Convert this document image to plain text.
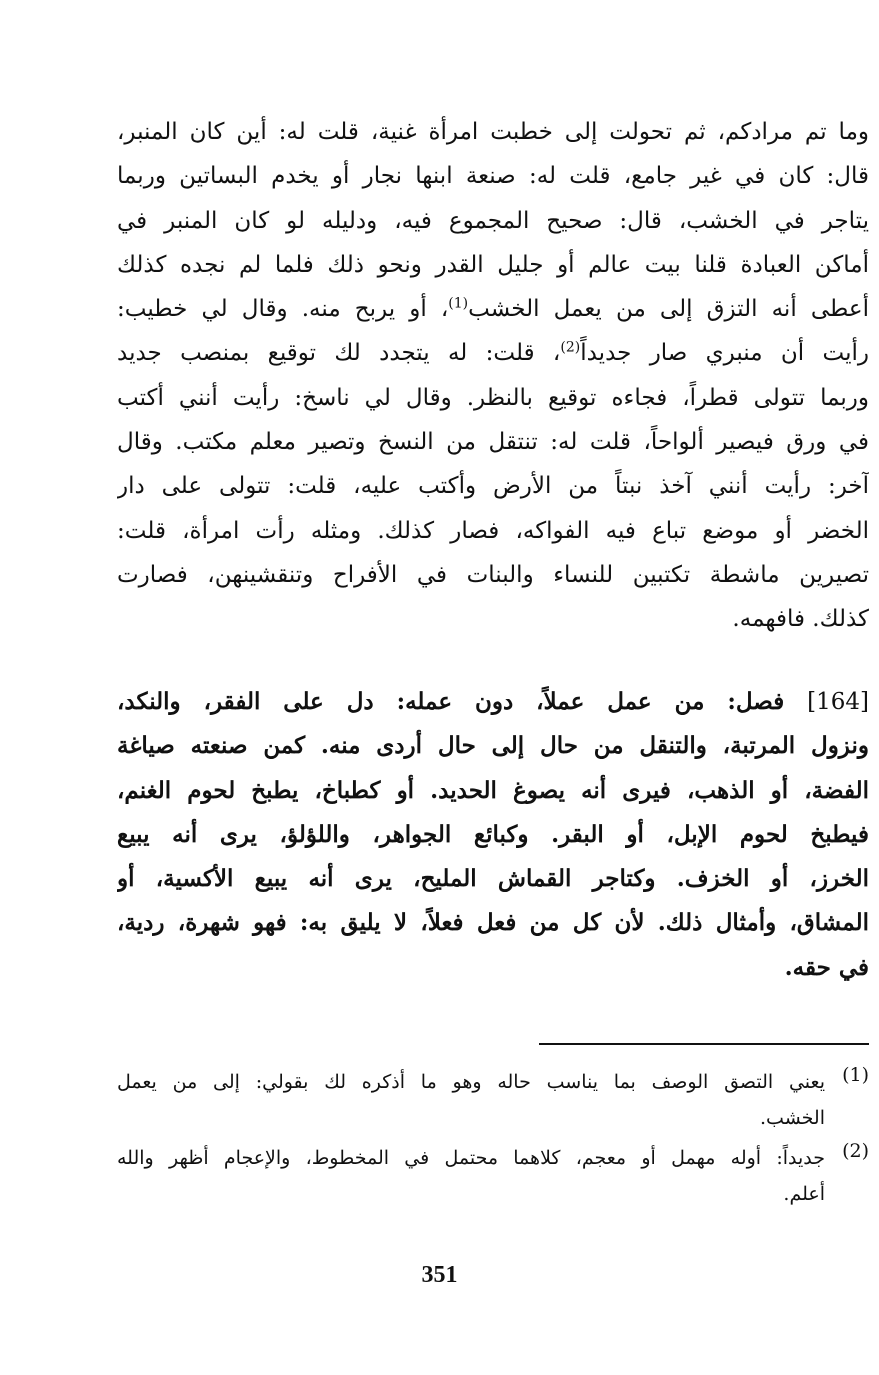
وما تم مرادكم، ثم تحولت إلى خطبت امرأة غنية، قلت له: أين كان المنبر،
قال: كان في غير جامع، قلت له: صنعة ابنها نجار أو يخدم البساتين وربما
يتاجر في الخشب، قال: صحيح المجموع فيه، ودليله لو كان المنبر في
أماكن العبادة قلنا بيت عالم أو جليل القدر ونحو ذلك فلما لم نجده كذلك
أعطى أنه التزق إلى من يعمل الخشب$^{(1)}$، أو يربح منه. وقال لي خطيب:
رأيت أن منبري صار جديداً$^{(2)}$، قلت: له يتجدد لك توقيع بمنصب جديد
وربما تتولى قطراً، فجاءه توقيع بالنظر. وقال لي ناسخ: رأيت أنني أكتب
في ورق فيصير ألواحاً، قلت له: تنتقل من النسخ وتصير معلم مكتب. وقال
آخر: رأيت أنني آخذ نبتاً من الأرض وأكتب عليه، قلت: تتولى على دار
الخضر أو موضع تباع فيه الفواكه، فصار كذلك. ومثله رأت امرأة، قلت:
تصيرين ماشطة تكتبين للنساء والبنات في الأفراح وتنقشينهن، فصارت
كذلك. فافهمه.
[164] فصل: من عمل عملاً، دون عمله: دل على الفقر، والنكد،
ونزول المرتبة، والتنقل من حال إلى حال أردى منه. كمن صنعته صياغة
الفضة، أو الذهب، فيرى أنه يصوغ الحديد. أو كطباخ، يطبخ لحوم الغنم،
فيطبخ لحوم الإبل، أو البقر. وكبائع الجواهر، واللؤلؤ، يرى أنه يبيع
الخرز، أو الخزف. وكتاجر القماش المليح، يرى أنه يبيع الأكسية، أو
المشاق، وأمثال ذلك. لأن كل من فعل فعلاً، لا يليق به: فهو شهرة، ردية،
في حقه.
(1)
يعني التصق الوصف بما يناسب حاله وهو ما أذكره لك بقولي: إلى من يعمل
الخشب.
(2)
جديداً: أوله مهمل أو معجم، كلاهما محتمل في المخطوط، والإعجام أظهر والله
أعلم.
351
